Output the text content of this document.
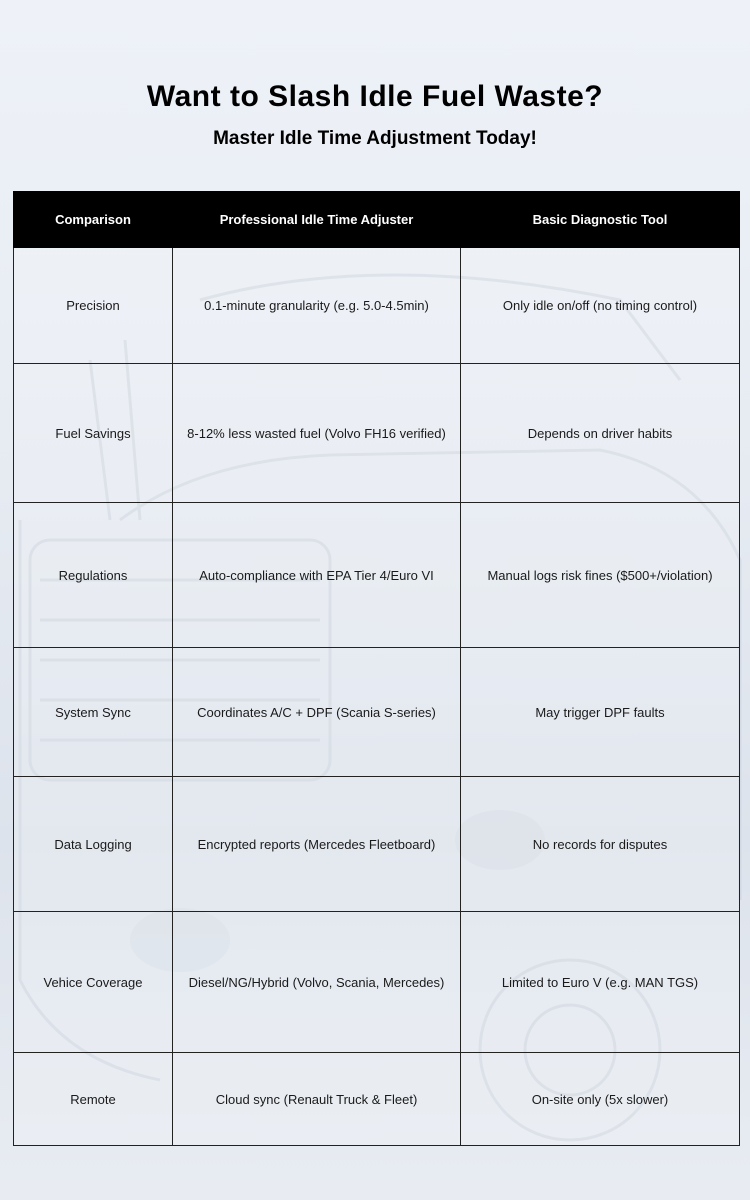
Want to Slash Idle Fuel Waste?
Master Idle Time Adjustment Today!
Comparison	Professional Idle Time Adjuster	Basic Diagnostic Tool
Precision	0.1-minute granularity (e.g. 5.0-4.5min)	Only idle on/off (no timing control)
Fuel Savings	8-12% less wasted fuel (Volvo FH16 verified)	Depends on driver habits
Regulations	Auto-compliance with EPA Tier 4/Euro VI	Manual logs risk fines ($500+/violation)
System Sync	Coordinates A/C + DPF (Scania S-series)	May trigger DPF faults
Data Logging	Encrypted reports (Mercedes Fleetboard)	No records for disputes
Vehice Coverage	Diesel/NG/Hybrid (Volvo, Scania, Mercedes)	Limited to Euro V (e.g. MAN TGS)
Remote	Cloud sync (Renault Truck & Fleet)	On-site only (5x slower)
